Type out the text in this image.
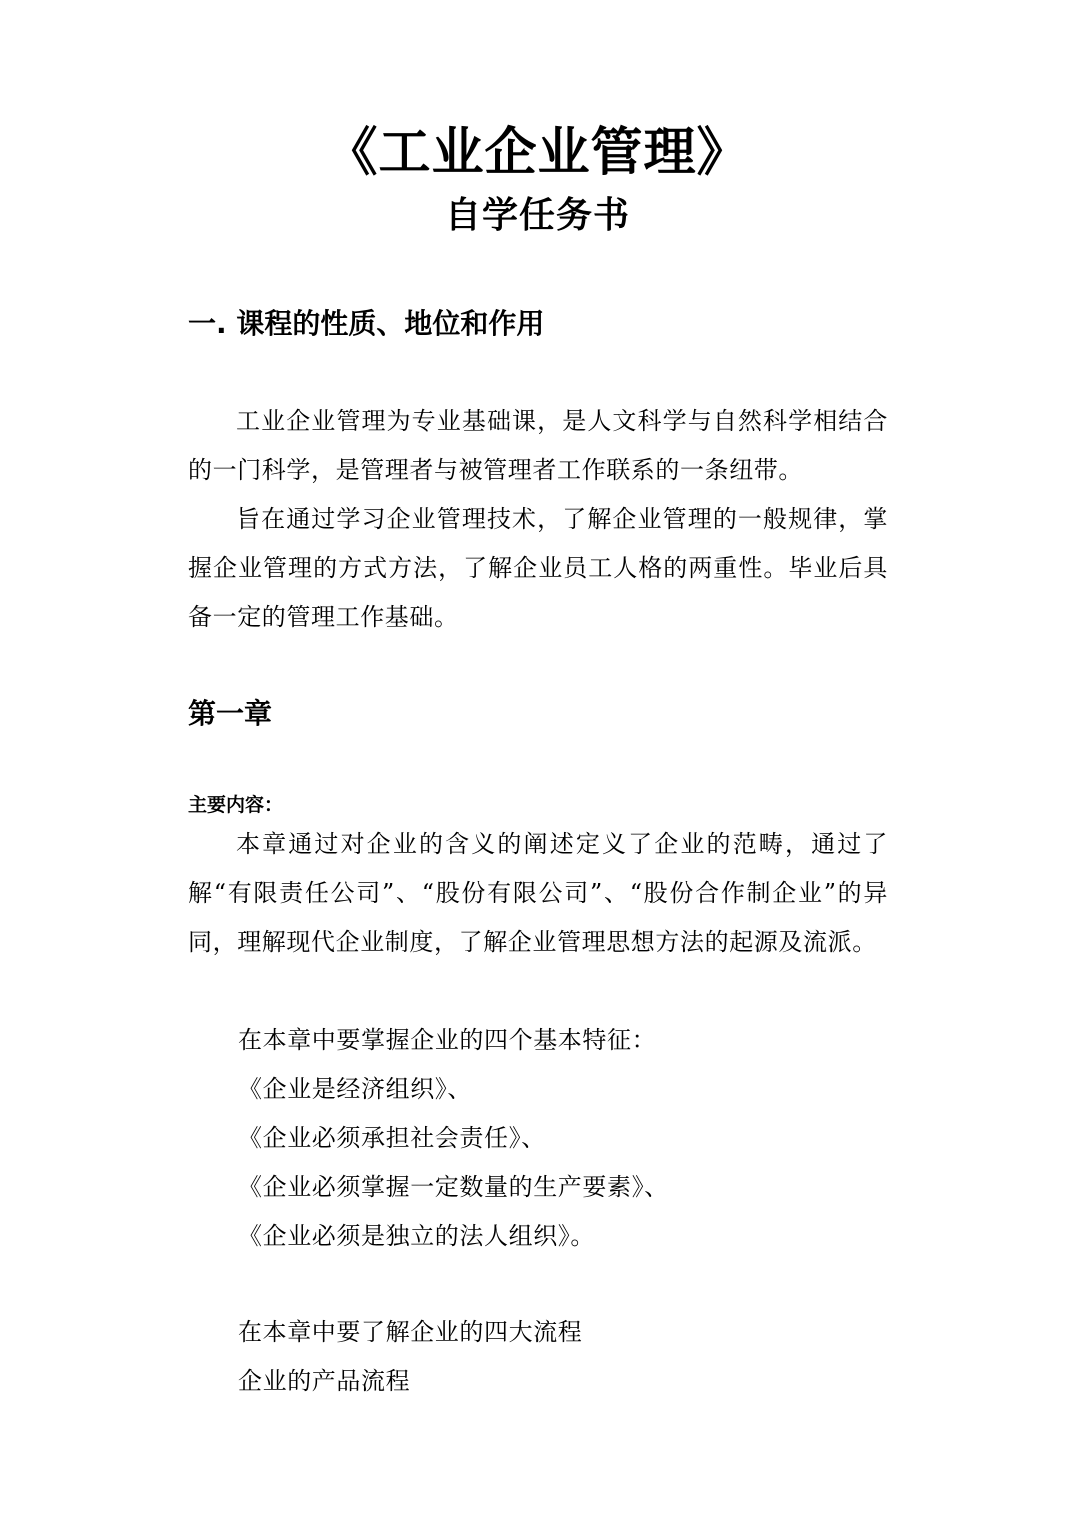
《工业企业管理》
自学任务书
一. 课程的性质、地位和作用
工业企业管理为专业基础课，是人文科学与自然科学相结合的一门科学，是管理者与被管理者工作联系的一条纽带。
旨在通过学习企业管理技术，了解企业管理的一般规律，掌握企业管理的方式方法，了解企业员工人格的两重性。毕业后具备一定的管理工作基础。
第一章
主要内容：
本章通过对企业的含义的阐述定义了企业的范畴，通过了解“有限责任公司”、“股份有限公司”、“股份合作制企业”的异同，理解现代企业制度，了解企业管理思想方法的起源及流派。
在本章中要掌握企业的四个基本特征：
《企业是经济组织》、
《企业必须承担社会责任》、
《企业必须掌握一定数量的生产要素》、
《企业必须是独立的法人组织》。
在本章中要了解企业的四大流程
企业的产品流程
